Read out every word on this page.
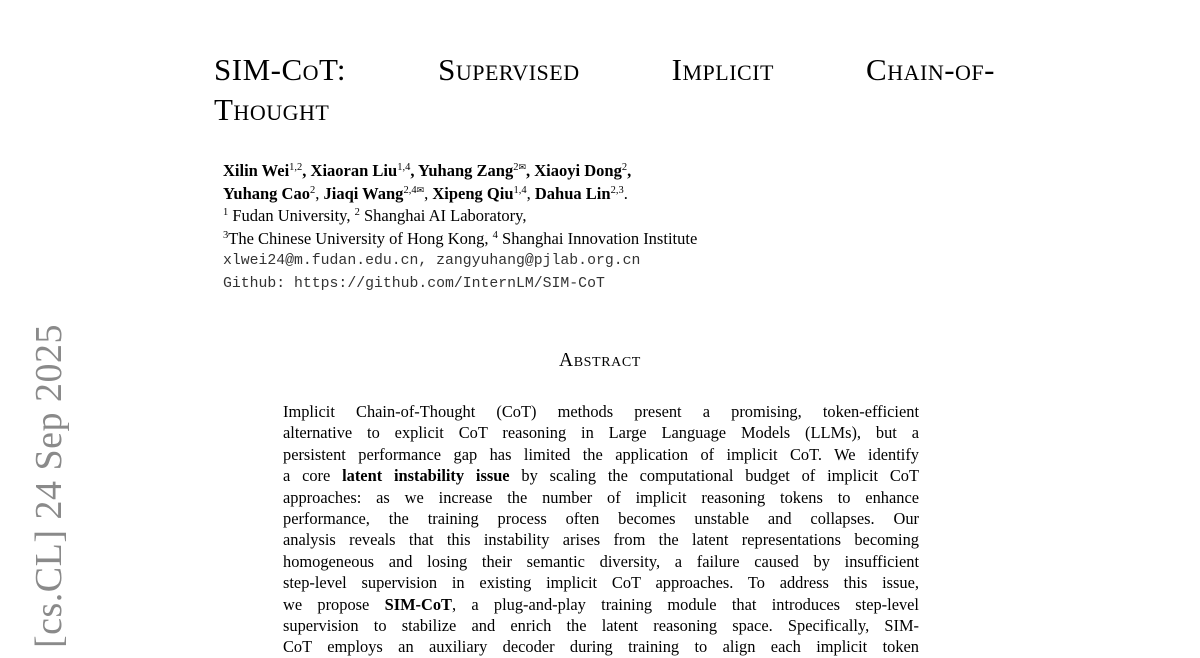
[cs.CL] 24 Sep 2025
SIM-CoT:	Supervised	Implicit	Chain-of-
Thought
Xilin Wei$^{1,2}$, Xiaoran Liu$^{1,4}$, Yuhang Zang$^2$✉, Xiaoyi Dong$^2$,
Yuhang Cao$^2$, Jiaqi Wang$^{2,4}$✉, Xipeng Qiu$^{1,4}$, Dahua Lin$^{2,3}$.
$^1$ Fudan University, $^2$ Shanghai AI Laboratory,
$^3$The Chinese University of Hong Kong, $^4$ Shanghai Innovation Institute
xlwei24@m.fudan.edu.cn, zangyuhang@pjlab.org.cn
Github: https://github.com/InternLM/SIM-CoT
Abstract
Implicit Chain-of-Thought (CoT) methods present a promising, token-efficient
alternative to explicit CoT reasoning in Large Language Models (LLMs), but a
persistent performance gap has limited the application of implicit CoT. We identify
a core latent instability issue by scaling the computational budget of implicit CoT
approaches: as we increase the number of implicit reasoning tokens to enhance
performance, the training process often becomes unstable and collapses. Our
analysis reveals that this instability arises from the latent representations becoming
homogeneous and losing their semantic diversity, a failure caused by insufficient
step-level supervision in existing implicit CoT approaches. To address this issue,
we propose SIM-CoT, a plug-and-play training module that introduces step-level
supervision to stabilize and enrich the latent reasoning space. Specifically, SIM-
CoT employs an auxiliary decoder during training to align each implicit token
